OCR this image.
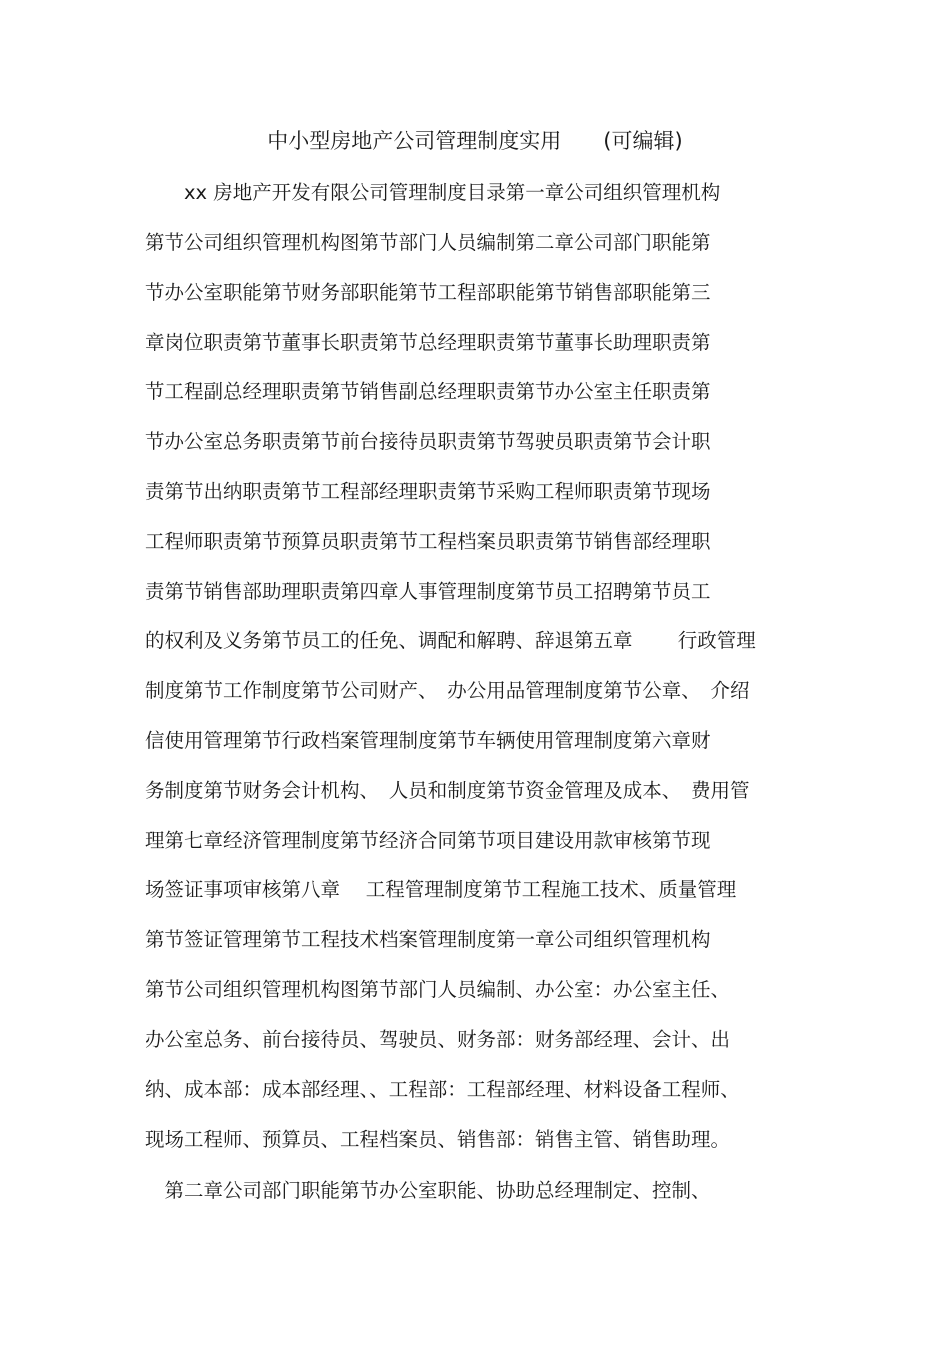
中小型房地产公司管理制度实用　　(可编辑)
　　xx 房地产开发有限公司管理制度目录第一章公司组织管理机构
第节公司组织管理机构图第节部门人员编制第二章公司部门职能第
节办公室职能第节财务部职能第节工程部职能第节销售部职能第三
章岗位职责第节董事长职责第节总经理职责第节董事长助理职责第
节工程副总经理职责第节销售副总经理职责第节办公室主任职责第
节办公室总务职责第节前台接待员职责第节驾驶员职责第节会计职
责第节出纳职责第节工程部经理职责第节采购工程师职责第节现场
工程师职责第节预算员职责第节工程档案员职责第节销售部经理职
责第节销售部助理职责第四章人事管理制度第节员工招聘第节员工
的权利及义务第节员工的任免、调配和解聘、辞退第五章　　 行政管理
制度第节工作制度第节公司财产、　办公用品管理制度第节公章、　介绍
信使用管理第节行政档案管理制度第节车辆使用管理制度第六章财
务制度第节财务会计机构、　人员和制度第节资金管理及成本、　费用管
理第七章经济管理制度第节经济合同第节项目建设用款审核第节现
场签证事项审核第八章　 工程管理制度第节工程施工技术、质量管理
第节签证管理第节工程技术档案管理制度第一章公司组织管理机构
第节公司组织管理机构图第节部门人员编制、办公室：办公室主任、
办公室总务、前台接待员、驾驶员、财务部：财务部经理、会计、出
纳、成本部：成本部经理、、工程部：工程部经理、材料设备工程师、
现场工程师、预算员、工程档案员、销售部：销售主管、销售助理。
　第二章公司部门职能第节办公室职能、协助总经理制定、控制、
